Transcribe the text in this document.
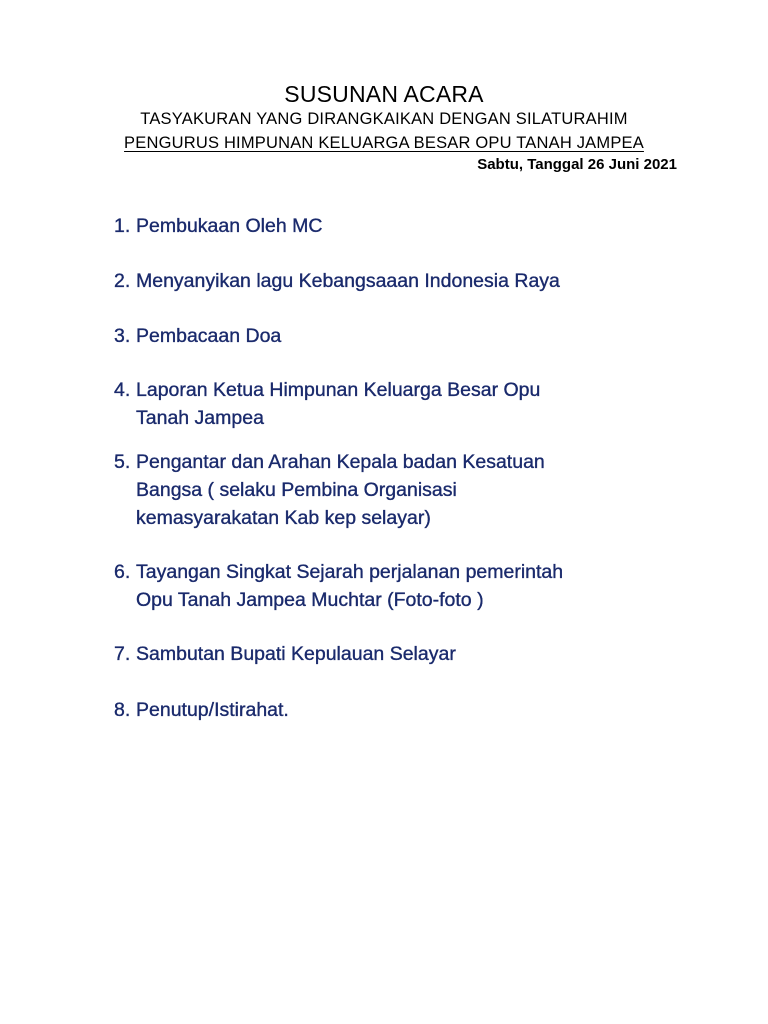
SUSUNAN ACARA
TASYAKURAN YANG DIRANGKAIKAN DENGAN SILATURAHIM
PENGURUS HIMPUNAN KELUARGA BESAR OPU TANAH JAMPEA
Sabtu, Tanggal 26 Juni 2021
1. Pembukaan Oleh MC
2. Menyanyikan lagu Kebangsaaan Indonesia Raya
3. Pembacaan Doa
4. Laporan Ketua Himpunan Keluarga Besar Opu
Tanah Jampea
5. Pengantar dan Arahan Kepala badan Kesatuan
Bangsa ( selaku Pembina Organisasi
kemasyarakatan Kab kep selayar)
6. Tayangan Singkat Sejarah perjalanan pemerintah
Opu Tanah Jampea Muchtar (Foto-foto )
7. Sambutan Bupati Kepulauan Selayar
8. Penutup/Istirahat.
